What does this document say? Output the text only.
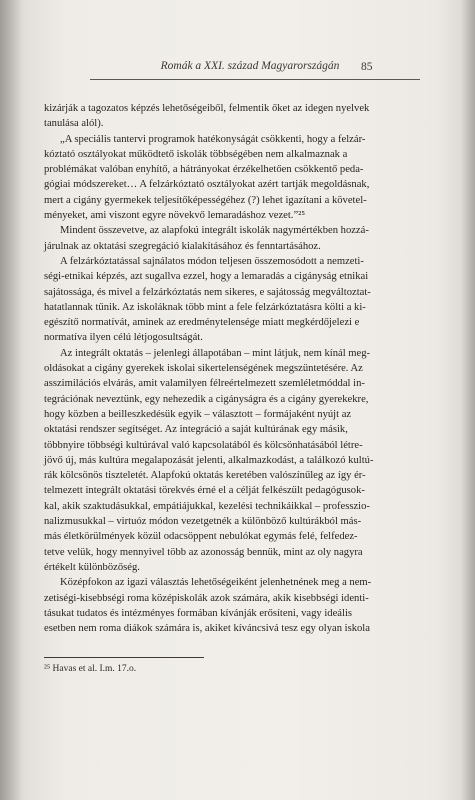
Romák a XXI. század Magyarországán	85
kizárják a tagozatos képzés lehetőségeiből, felmentik őket az idegen nyelvek
tanulása alól).
„A speciális tantervi programok hatékonyságát csökkenti, hogy a felzár-
kóztató osztályokat működtető iskolák többségében nem alkalmaznak a
problémákat valóban enyhítő, a hátrányokat érzékelhetően csökkentő peda-
gógiai módszereket… A felzárkóztató osztályokat azért tartják megoldásnak,
mert a cigány gyermekek teljesítőképességéhez (?) lehet igazítani a követel-
ményeket, ami viszont egyre növekvő lemaradáshoz vezet.”²⁵
Mindent összevetve, az alapfokú integrált iskolák nagymértékben hozzá-
járulnak az oktatási szegregáció kialakításához és fenntartásához.
A felzárkóztatással sajnálatos módon teljesen összemosódott a nemzeti-
ségi-etnikai képzés, azt sugallva ezzel, hogy a lemaradás a cigányság etnikai
sajátossága, és mivel a felzárkóztatás nem sikeres, e sajátosság megváltoztat-
hatatlannak tűnik. Az iskoláknak több mint a fele felzárkóztatásra költi a ki-
egészítő normatívát, aminek az eredménytelensége miatt megkérdőjelezi e
normatíva ilyen célú létjogosultságát.
Az integrált oktatás – jelenlegi állapotában – mint látjuk, nem kínál meg-
oldásokat a cigány gyerekek iskolai sikertelenségének megszüntetésére. Az
asszimilációs elvárás, amit valamilyen félreértelmezett szemléletmóddal in-
tegrációnak neveztünk, egy nehezedik a cigányságra és a cigány gyerekekre,
hogy közben a beilleszkedésük egyik – választott – formájaként nyújt az
oktatási rendszer segítséget. Az integráció a saját kultúrának egy másik,
többnyire többségi kultúrával való kapcsolatából és kölcsönhatásából létre-
jövő új, más kultúra megalapozását jelenti, alkalmazkodást, a találkozó kultú-
rák kölcsönös tiszteletét. Alapfokú oktatás keretében valószínűleg az így ér-
telmezett integrált oktatási törekvés érné el a célját felkészült pedagógusok-
kal, akik szaktudásukkal, empátiájukkal, kezelési technikáikkal – professzio-
nalizmusukkal – virtuóz módon vezetgetnék a különböző kultúrákból más-
más életkörülmények közül odacsöppent nebulókat egymás felé, felfedez-
tetve velük, hogy mennyivel több az azonosság bennük, mint az oly nagyra
értékelt különbözőség.
Középfokon az igazi választás lehetőségeiként jelenhetnének meg a nem-
zetiségi-kisebbségi roma középiskolák azok számára, akik kisebbségi identi-
tásukat tudatos és intézményes formában kívánják erősíteni, vagy ideális
esetben nem roma diákok számára is, akiket kíváncsivá tesz egy olyan iskola
²⁵ Havas et al. I.m. 17.o.
